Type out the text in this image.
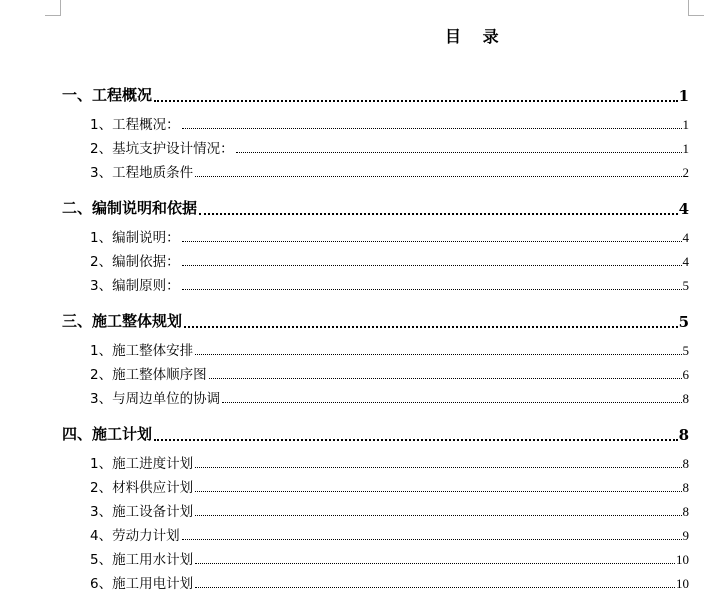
目 录
一、工程概况	1
1、工程概况：	1
2、基坑支护设计情况：	1
3、工程地质条件	2
二、编制说明和依据	4
1、编制说明：	4
2、编制依据：	4
3、编制原则：	5
三、施工整体规划	5
1、施工整体安排	5
2、施工整体顺序图	6
3、与周边单位的协调	8
四、施工计划	8
1、施工进度计划	8
2、材料供应计划	8
3、施工设备计划	8
4、劳动力计划	9
5、施工用水计划	10
6、施工用电计划	10
